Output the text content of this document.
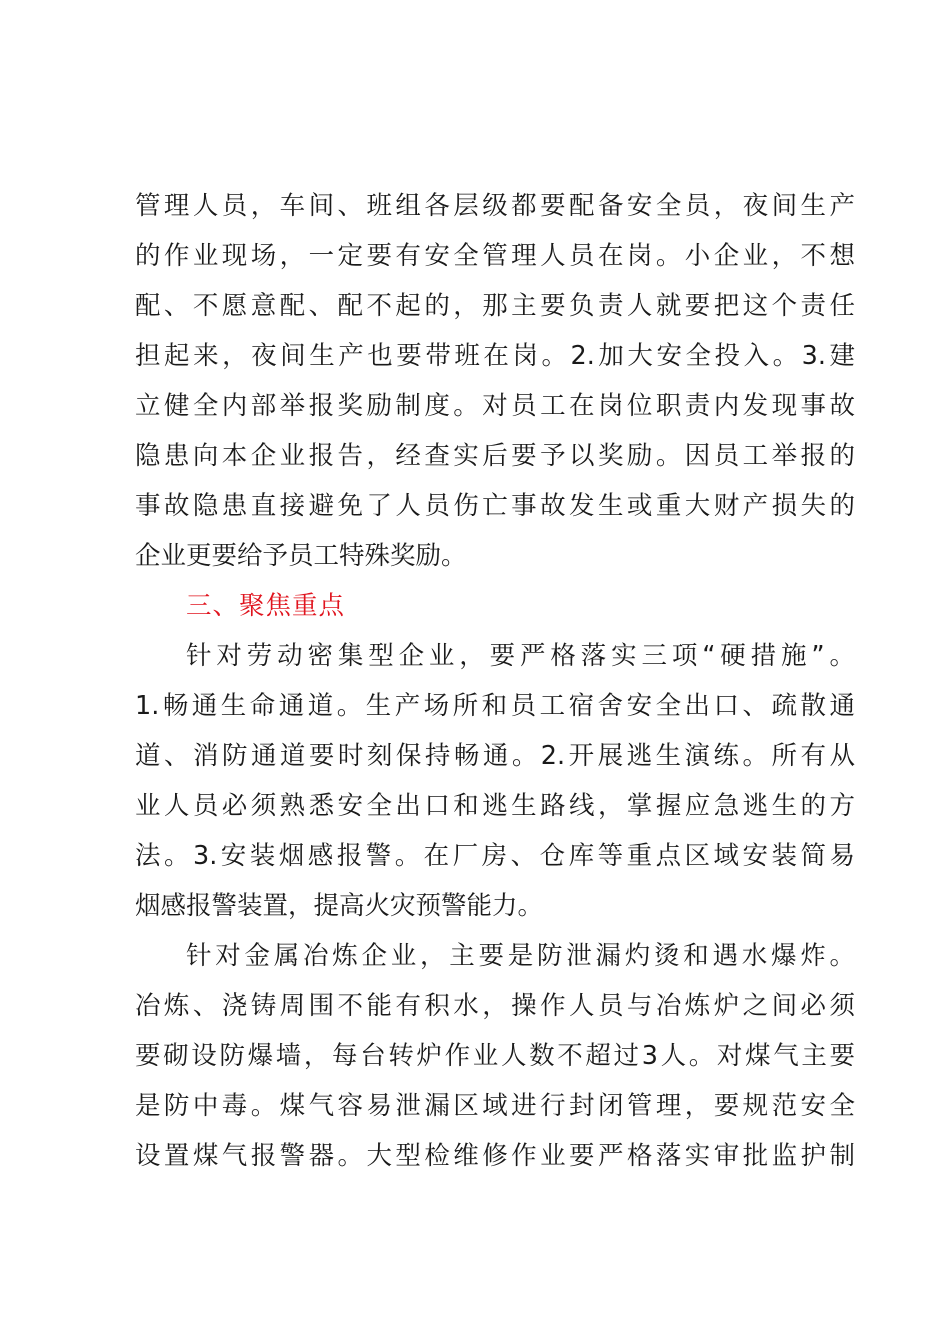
管理人员，车间、班组各层级都要配备安全员，夜间生产
的作业现场，一定要有安全管理人员在岗。小企业，不想
配、不愿意配、配不起的，那主要负责人就要把这个责任
担起来，夜间生产也要带班在岗。2.加大安全投入。3.建
立健全内部举报奖励制度。对员工在岗位职责内发现事故
隐患向本企业报告，经查实后要予以奖励。因员工举报的
事故隐患直接避免了人员伤亡事故发生或重大财产损失的
企业更要给予员工特殊奖励。
三、聚焦重点
针对劳动密集型企业，要严格落实三项“硬措施”。
1.畅通生命通道。生产场所和员工宿舍安全出口、疏散通
道、消防通道要时刻保持畅通。2.开展逃生演练。所有从
业人员必须熟悉安全出口和逃生路线，掌握应急逃生的方
法。3.安装烟感报警。在厂房、仓库等重点区域安装简易
烟感报警装置，提高火灾预警能力。
针对金属冶炼企业，主要是防泄漏灼烫和遇水爆炸。
冶炼、浇铸周围不能有积水，操作人员与冶炼炉之间必须
要砌设防爆墙，每台转炉作业人数不超过3人。对煤气主要
是防中毒。煤气容易泄漏区域进行封闭管理，要规范安全
设置煤气报警器。大型检维修作业要严格落实审批监护制
